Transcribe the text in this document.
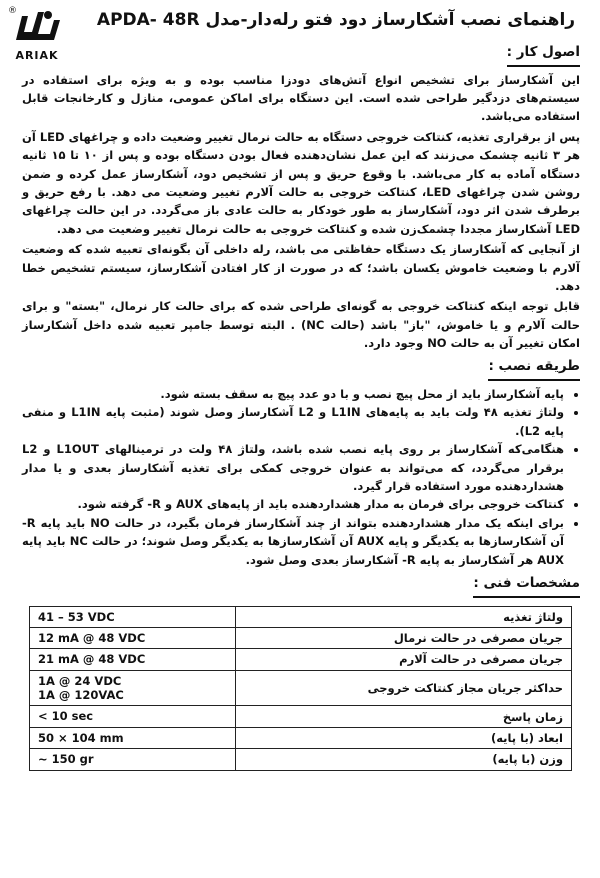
®
ARIAK
راهنمای نصب آشکارساز دود فتو رله‌دار-مدل APDA- 48R
اصول کار :

این آشکارساز برای تشخیص انواع آتش‌های دودزا مناسب بوده و به ویژه برای استفاده در سیستم‌های دزدگیر طراحی شده است. این دستگاه برای اماکن عمومی، منازل و کارخانجات قابل استفاده می‌باشد.

پس از برقراری تغذیه، کنتاکت خروجی دستگاه به حالت نرمال تغییر وضعیت داده و چراغهای LED آن هر ۳ ثانیه چشمک می‌زنند که این عمل نشان‌دهنده فعال بودن دستگاه بوده و پس از ۱۰ تا ۱۵ ثانیه دستگاه آماده به کار می‌باشد. با وقوع حریق و پس از تشخیص دود، آشکارساز عمل کرده و ضمن روشن شدن چراغهای LED، کنتاکت خروجی به حالت آلارم تغییر وضعیت می دهد. با رفع حریق و برطرف شدن اثر دود، آشکارساز به طور خودکار به حالت عادی باز می‌گردد. در این حالت چراغهای LED آشکارساز مجددا چشمک‌زن شده و کنتاکت خروجی به حالت نرمال تغییر وضعیت می دهد.

از آنجایی که آشکارساز یک دستگاه حفاظتی می باشد، رله داخلی آن بگونه‌ای تعبیه شده که وضعیت آلارم با وضعیت خاموش یکسان باشد؛ که در صورت از کار افتادن آشکارساز، سیستم تشخیص خطا دهد.

قابل توجه اینکه کنتاکت خروجی به گونه‌ای طراحی شده که برای حالت کار نرمال، "بسته" و برای حالت آلارم و یا خاموش، "باز" باشد (حالت NC) . البته توسط جامپر تعبیه شده داخل آشکارساز امکان تغییر آن به حالت NO وجود دارد.

طریقه نصب :
• پایه آشکارساز باید از محل پیچ نصب و با دو عدد پیچ به سقف بسته شود.
• ولتاژ تغذیه ۴۸ ولت باید به پایه‌های L1IN و L2 آشکارساز وصل شوند (مثبت پایه L1IN و منفی پایه L2).
• هنگامی‌که آشکارساز بر روی پایه نصب شده باشد، ولتاژ ۴۸ ولت در ترمینالهای L1OUT و L2 برقرار می‌گردد، که می‌تواند به عنوان خروجی کمکی برای تغذیه آشکارساز بعدی و یا مدار هشداردهنده مورد استفاده قرار گیرد.
• کنتاکت خروجی برای فرمان به مدار هشداردهنده باید از پایه‌های AUX و R- گرفته شود.
• برای اینکه یک مدار هشداردهنده بتواند از چند آشکارساز فرمان بگیرد، در حالت NO باید پایه R- آن آشکارسازها به یکدیگر و پایه AUX آن آشکارسازها به یکدیگر وصل شوند؛ در حالت NC باید پایه AUX هر آشکارساز به پایه R- آشکارساز بعدی وصل شود.
مشخصات فنی :
ولتاژ تغذیه	41 – 53 VDC
جریان مصرفی در حالت نرمال	12 mA @ 48 VDC
جریان مصرفی در حالت آلارم	21 mA @ 48 VDC
حداکثر جریان مجاز کنتاکت خروجی	1A @ 24 VDC
1A @ 120VAC
زمان پاسخ	< 10 sec
ابعاد (با پایه)	50 × 104 mm
وزن (با پایه)	~ 150 gr
